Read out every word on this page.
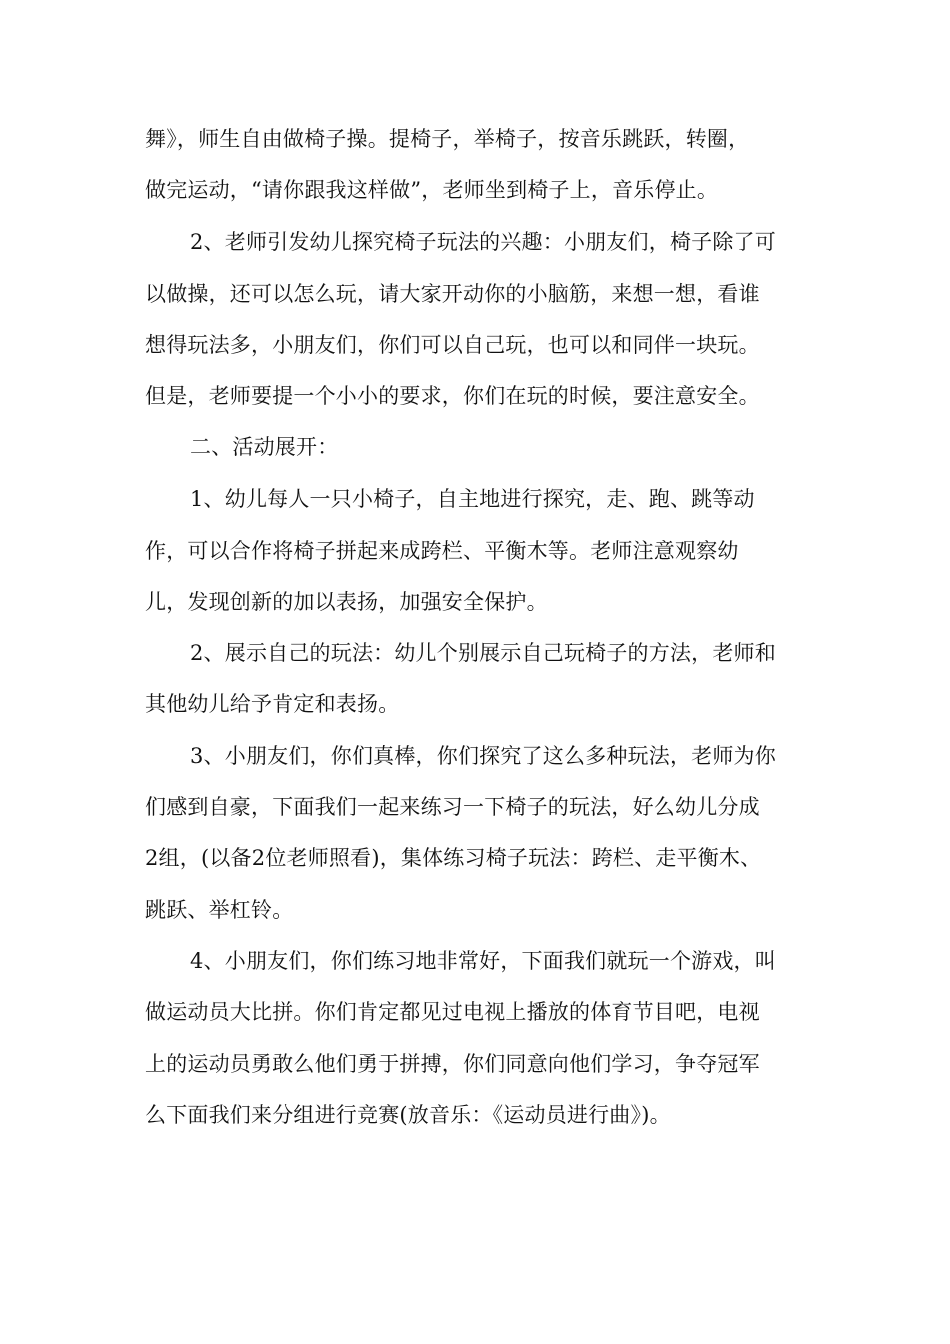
舞》，师生自由做椅子操。提椅子，举椅子，按音乐跳跃，转圈，
做完运动，“请你跟我这样做”，老师坐到椅子上，音乐停止。
2、老师引发幼儿探究椅子玩法的兴趣：小朋友们，椅子除了可
以做操，还可以怎么玩，请大家开动你的小脑筋，来想一想，看谁
想得玩法多，小朋友们，你们可以自己玩，也可以和同伴一块玩。
但是，老师要提一个小小的要求，你们在玩的时候，要注意安全。
二、活动展开：
1、幼儿每人一只小椅子，自主地进行探究，走、跑、跳等动
作，可以合作将椅子拼起来成跨栏、平衡木等。老师注意观察幼
儿，发现创新的加以表扬，加强安全保护。
2、展示自己的玩法：幼儿个别展示自己玩椅子的方法，老师和
其他幼儿给予肯定和表扬。
3、小朋友们，你们真棒，你们探究了这么多种玩法，老师为你
们感到自豪，下面我们一起来练习一下椅子的玩法，好么幼儿分成
2组，(以备2位老师照看)，集体练习椅子玩法：跨栏、走平衡木、
跳跃、举杠铃。
4、小朋友们，你们练习地非常好，下面我们就玩一个游戏，叫
做运动员大比拼。你们肯定都见过电视上播放的体育节目吧，电视
上的运动员勇敢么他们勇于拼搏，你们同意向他们学习，争夺冠军
么下面我们来分组进行竞赛(放音乐：《运动员进行曲》)。
